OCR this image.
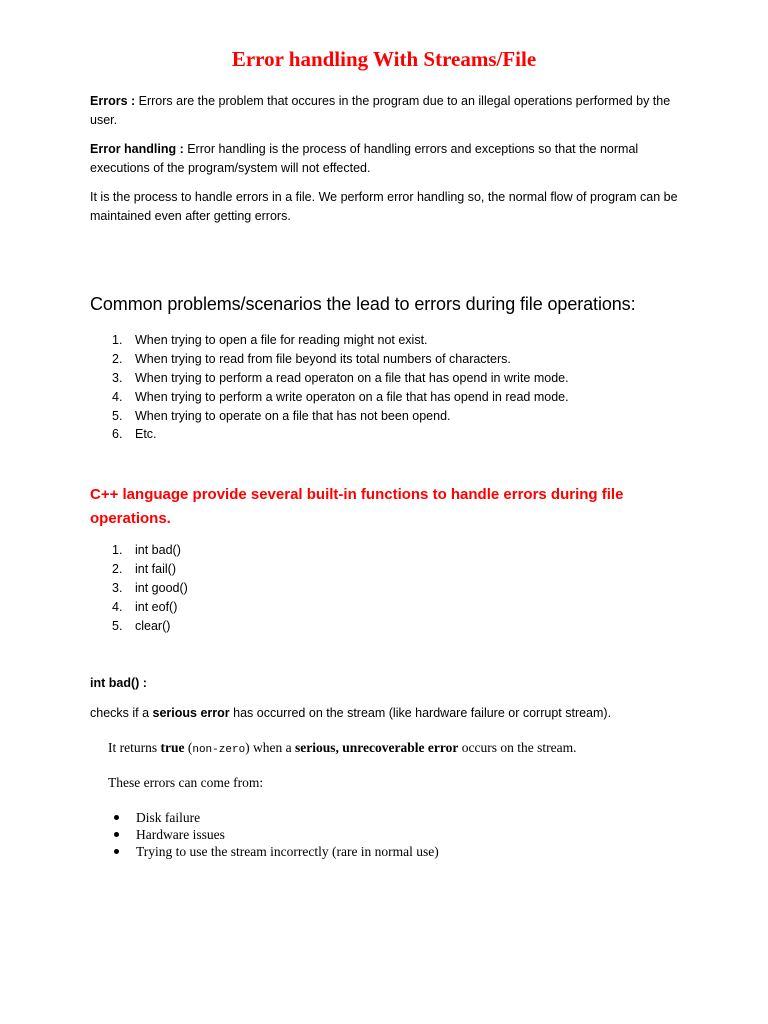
Error handling With Streams/File

Errors : Errors are the problem that occures in the program due to an illegal operations performed by the user.

Error handling : Error handling is the process of handling errors and exceptions so that the normal executions of the program/system will not effected.

It is the process to handle errors in a file. We perform error handling so, the normal flow of program can be maintained even after getting errors.

Common problems/scenarios the lead to errors during file operations:
1.	When trying to open a file for reading might not exist.
2.	When trying to read from file beyond its total numbers of characters.
3.	When trying to perform a read operaton on a file that has opend in write mode.
4.	When trying to perform a write operaton on a file that has opend in read mode.
5.	When trying to operate on a file that has not been opend.
6.	Etc.
C++ language provide several built-in functions to handle errors during file operations.
1.	int bad()
2.	int fail()
3.	int good()
4.	int eof()
5.	clear()

int bad() :

checks if a serious error has occurred on the stream (like hardware failure or corrupt stream).

It returns true (non-zero) when a serious, unrecoverable error occurs on the stream.

These errors can come from:

Disk failure
Hardware issues
Trying to use the stream incorrectly (rare in normal use)
